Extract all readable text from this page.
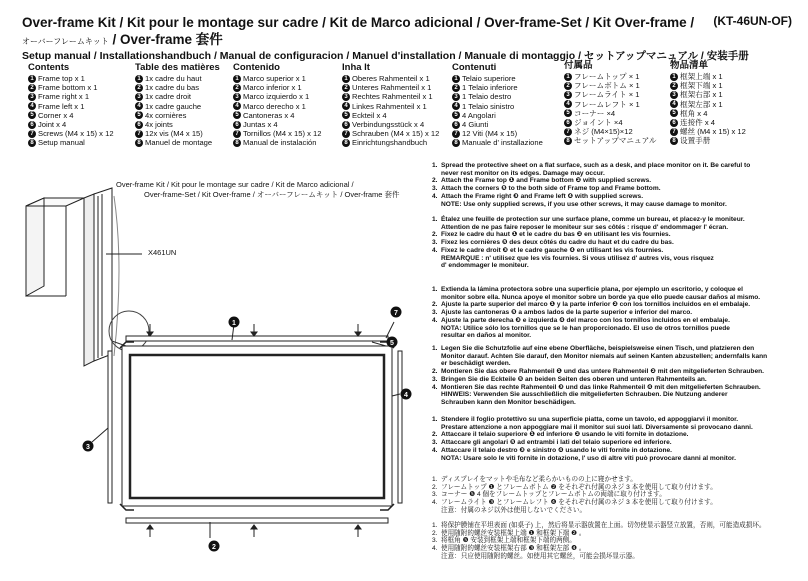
Over-frame Kit / Kit pour le montage sur cadre / Kit de Marco adicional / Over-frame-Set / Kit Over-frame /
オーバーフレームキット / Over-frame 套件
(KT-46UN-OF)
Setup manual / Installationshandbuch / Manual de configuracion / Manuel d'installation / Manuale di montaggio / セットアップマニュアル / 安装手册
Contents
1 Frame top x 1
2 Frame bottom x 1
3 Frame right x 1
4 Frame left x 1
5 Corner x 4
6 Joint x 4
7 Screws (M4 x 15) x 12
8 Setup manual
Table des matières
1 1x cadre du haut
2 1x cadre du bas
3 1x cadre droit
4 1x cadre gauche
5 4x cornières
6 4x joints
7 12x vis (M4 x 15)
8 Manuel de montage
Contenido
1 Marco superior x 1
2 Marco inferior x 1
3 Marco izquierdo x 1
4 Marco derecho x 1
5 Cantoneras x 4
6 Juntas x 4
7 Tornillos (M4 x 15) x 12
8 Manual de instalación
Inha lt
1 Oberes Rahmenteil x 1
2 Unteres Rahmenteil x 1
3 Rechtes Rahmenteil x 1
4 Linkes Rahmenteil x 1
5 Eckteil x 4
6 Verbindungsstück x 4
7 Schrauben (M4 x 15) x 12
8 Einrichtungshandbuch
Contenuti
1 Telaio superiore
2 1 Telaio inferiore
3 1 Telaio destro
4 1 Telaio sinistro
5 4 Angolari
6 4 Giunti
7 12 Viti (M4 x 15)
8 Manuale d' installazione
付属品
1 フレームトップ × 1
2 フレームボトム × 1
3 フレームライト × 1
4 フレームレフト × 1
5 コーナー ×4
6 ジョイント ×4
7 ネジ (M4×15)×12
8 セットアップマニュアル
物品清单
1 框架上端 x 1
2 框架下端 x 1
3 框架右部 x 1
4 框架左部 x 1
5 框角 x 4
6 连接件 x 4
7 螺丝 (M4 x 15) x 12
8 设置手册
1
2
3
4
5
7
Over-frame Kit / Kit pour le montage sur cadre / Kit de Marco adicional /
Over-frame-Set / Kit Over-frame / オーバーフレームキット / Over-frame 套件
X461UN
1. Spread the protective sheet on a flat surface, such as a desk, and place monitor on it. Be careful to
never rest monitor on its edges. Damage may occur.
2. Attach the Frame top ❶ and Frame bottom ❷ with supplied screws.
3. Attach the corners ❺ to the both side of Frame top and Frame bottom.
4. Attach the Frame right ❸ and Frame left ❹ with supplied screws.
NOTE: Use only supplied screws, if you use other screws, it may cause damage to monitor.
1. Étalez une feuille de protection sur une surface plane, comme un bureau, et placez-y le moniteur.
Attention de ne pas faire reposer le moniteur sur ses côtés : risque d' endommager l' écran.
2. Fixez le cadre du haut ❶ et le cadre du bas ❷ en utilisant les vis fournies.
3. Fixez les cornières ❺ des deux côtés du cadre du haut et du cadre du bas.
4. Fixez le cadre droit ❸ et le cadre gauche ❹ en utilisant les vis fournies.
REMARQUE : n' utilisez que les vis fournies. Si vous utilisez d' autres vis, vous risquez
d' endommager le moniteur.
1. Extienda la lámina protectora sobre una superficie plana, por ejemplo un escritorio, y coloque el
monitor sobre ella. Nunca apoye el monitor sobre un borde ya que ello puede causar daños al mismo.
2. Ajuste la parte superior del marco ❶ y la parte inferior ❷ con los tornillos incluidos en el embalaje.
3. Ajuste las cantoneras ❺ a ambos lados de la parte superior e inferior del marco.
4. Ajuste la parte derecha ❸ e izquierda ❹ del marco con los tornillos incluidos en el embalaje.
NOTA: Utilice sólo los tornillos que se le han proporcionado. El uso de otros tornillos puede
resultar en daños al monitor.
1. Legen Sie die Schutzfolie auf eine ebene Oberfläche, beispielsweise einen Tisch, und platzieren den
Monitor darauf. Achten Sie darauf, den Monitor niemals auf seinen Kanten abzustellen; andernfalls kann
er beschädigt werden.
2. Montieren Sie das obere Rahmenteil ❶ und das untere Rahmenteil ❷ mit den mitgelieferten Schrauben.
3. Bringen Sie die Eckteile ❺ an beiden Seiten des oberen und unteren Rahmenteils an.
4. Montieren Sie das rechte Rahmenteil ❸ und das linke Rahmenteil ❹ mit den mitgelieferten Schrauben.
HINWEIS: Verwenden Sie ausschließlich die mitgelieferten Schrauben. Die Nutzung anderer
Schrauben kann den Monitor beschädigen.
1. Stendere il foglio protettivo su una superficie piatta, come un tavolo, ed appoggiarvi il monitor.
Prestare attenzione a non appoggiare mai il monitor sui suoi lati. Diversamente si provocano danni.
2. Attaccare il telaio superiore ❶ ed inferiore ❷ usando le viti fornite in dotazione.
3. Attaccare gli angolari ❺ ad entrambi i lati del telaio superiore ed inferiore.
4. Attaccare il telaio destro ❸ e sinistro ❹ usando le viti fornite in dotazione.
NOTA: Usare solo le viti fornite in dotazione, l' uso di altre viti può provocare danni al monitor.
1. ディスプレイをマットや毛布など柔らかいものの上に寝かせます。
2. フレームトップ ❶ とフレームボトム ❷ をそれぞれ付属のネジ 3 本を使用して取り付けます。
3. コーナー ❺ 4 個をフレームトップとフレームボトムの両端に取り付けます。
4. フレームライト ❸ とフレームレフト ❹ をそれぞれ付属のネジ 3 本を使用して取り付けます。
注意：付属のネジ以外は使用しないでください。
1. 将保护膜铺在平坦表面 (如桌子) 上，然后将显示器放置在上面。切勿使显示器竖立放置，否则，可能造成损坏。
2. 使用随附的螺丝安装框架上端 ❶ 和框架下端 ❷ 。
3. 将框角 ❺ 安装到框架上端和框架下端的两侧。
4. 使用随附的螺丝安装框架右部 ❸ 和框架左部 ❹ 。
注意：只应使用随附的螺丝。如使用其它螺丝，可能会损坏显示器。
